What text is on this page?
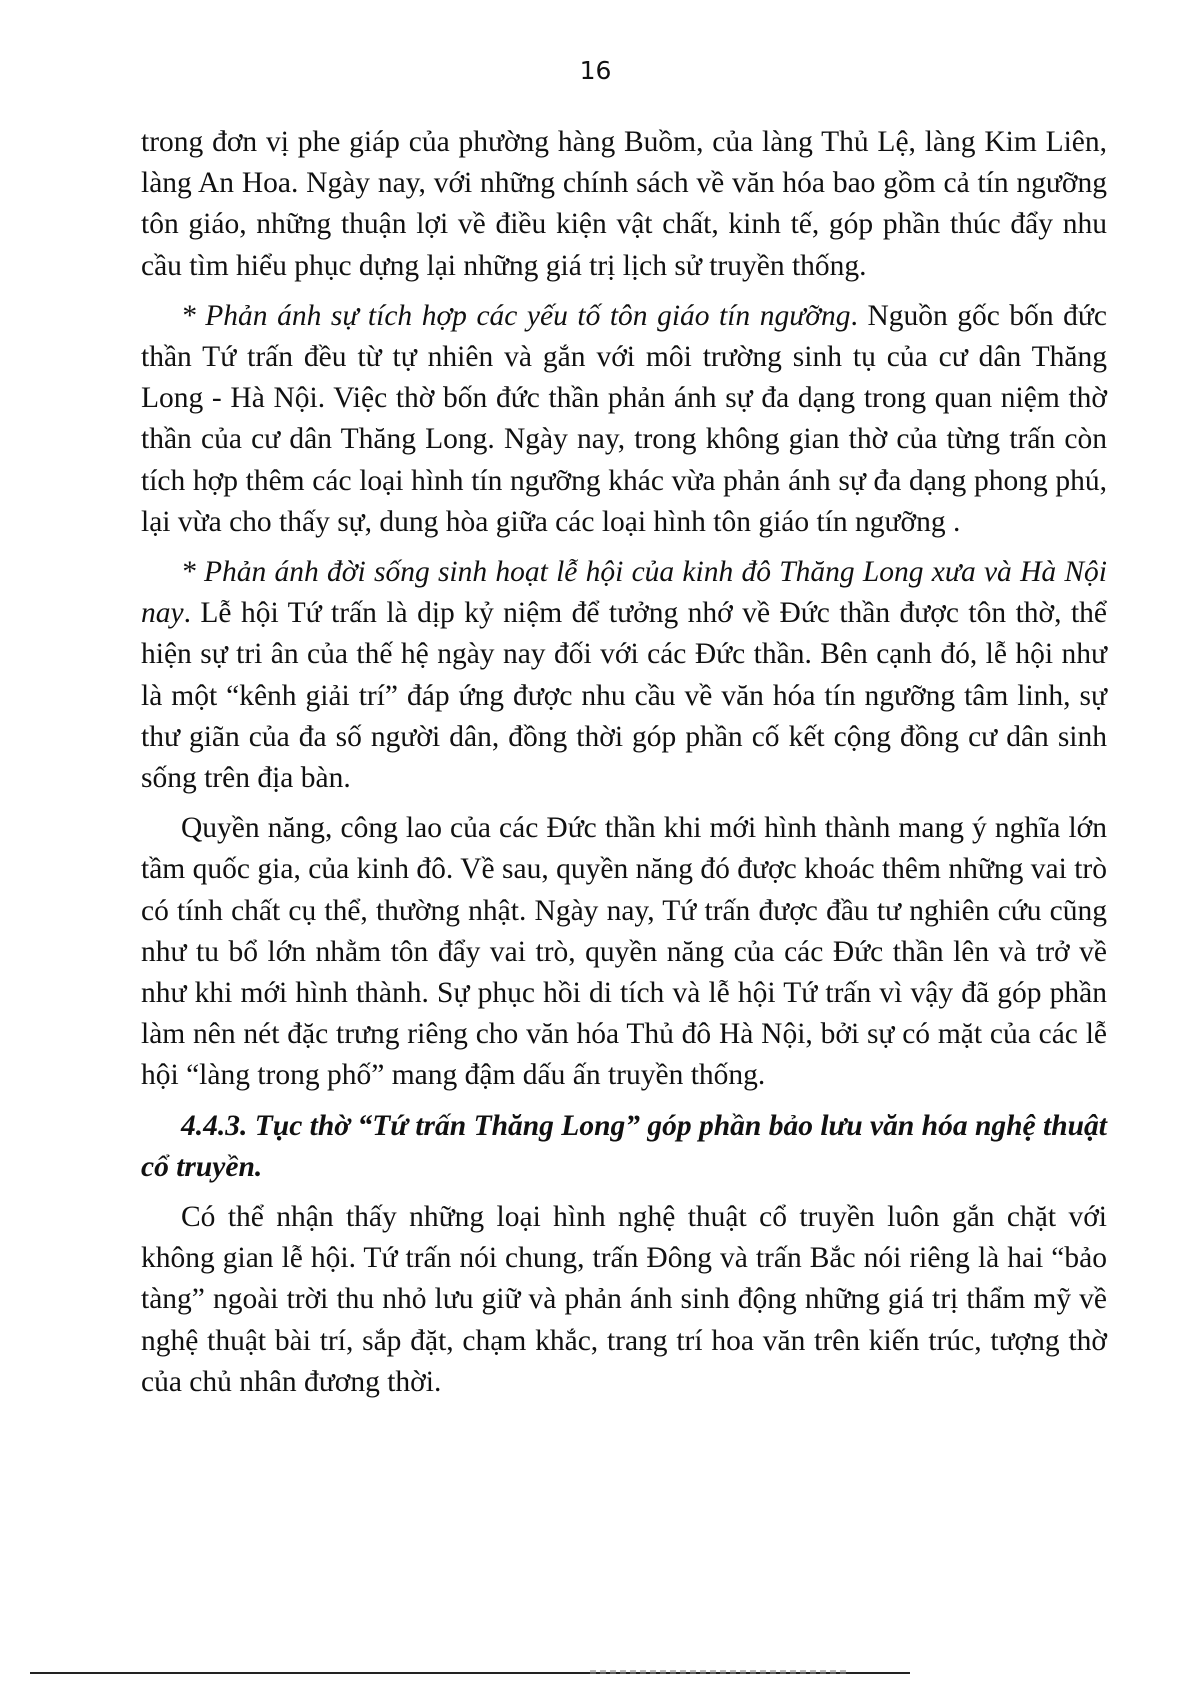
16

trong đơn vị phe giáp của phường hàng Buồm, của làng Thủ Lệ, làng Kim Liên, làng An Hoa. Ngày nay, với những chính sách về văn hóa bao gồm cả tín ngưỡng tôn giáo, những thuận lợi về điều kiện vật chất, kinh tế, góp phần thúc đẩy nhu cầu tìm hiểu phục dựng lại những giá trị lịch sử truyền thống.

* Phản ánh sự tích hợp các yếu tố tôn giáo tín ngưỡng. Nguồn gốc bốn đức thần Tứ trấn đều từ tự nhiên và gắn với môi trường sinh tụ của cư dân Thăng Long - Hà Nội. Việc thờ bốn đức thần phản ánh sự đa dạng trong quan niệm thờ thần của cư dân Thăng Long. Ngày nay, trong không gian thờ của từng trấn còn tích hợp thêm các loại hình tín ngưỡng khác vừa phản ánh sự đa dạng phong phú, lại vừa cho thấy sự, dung hòa giữa các loại hình tôn giáo tín ngưỡng .

* Phản ánh đời sống sinh hoạt lễ hội của kinh đô Thăng Long xưa và Hà Nội nay. Lễ hội Tứ trấn là dịp kỷ niệm để tưởng nhớ về Đức thần được tôn thờ, thể hiện sự tri ân của thế hệ ngày nay đối với các Đức thần. Bên cạnh đó, lễ hội như là một “kênh giải trí” đáp ứng được nhu cầu về văn hóa tín ngưỡng tâm linh, sự thư giãn của đa số người dân, đồng thời góp phần cố kết cộng đồng cư dân sinh sống trên địa bàn.

Quyền năng, công lao của các Đức thần khi mới hình thành mang ý nghĩa lớn tầm quốc gia, của kinh đô. Về sau, quyền năng đó được khoác thêm những vai trò có tính chất cụ thể, thường nhật. Ngày nay, Tứ trấn được đầu tư nghiên cứu cũng như tu bổ lớn nhằm tôn đẩy vai trò, quyền năng của các Đức thần lên và trở về như khi mới hình thành. Sự phục hồi di tích và lễ hội Tứ trấn vì vậy đã góp phần làm nên nét đặc trưng riêng cho văn hóa Thủ đô Hà Nội, bởi sự có mặt của các lễ hội “làng trong phố” mang đậm dấu ấn truyền thống.

4.4.3. Tục thờ “Tứ trấn Thăng Long” góp phần bảo lưu văn hóa nghệ thuật cổ truyền.

Có thể nhận thấy những loại hình nghệ thuật cổ truyền luôn gắn chặt với không gian lễ hội. Tứ trấn nói chung, trấn Đông và trấn Bắc nói riêng là hai “bảo tàng” ngoài trời thu nhỏ lưu giữ và phản ánh sinh động những giá trị thẩm mỹ về nghệ thuật bài trí, sắp đặt, chạm khắc, trang trí hoa văn trên kiến trúc, tượng thờ của chủ nhân đương thời.
